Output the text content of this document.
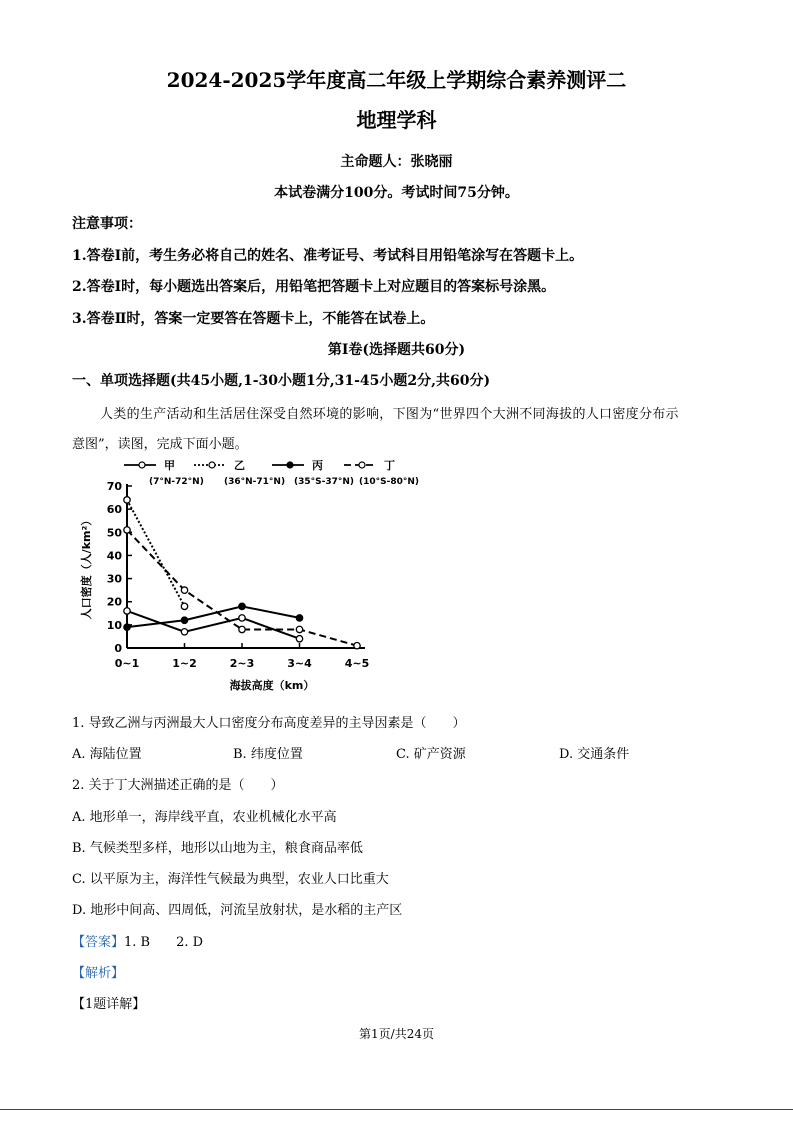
2024-2025学年度高二年级上学期综合素养测评二
地理学科
主命题人：张晓丽
本试卷满分100分。考试时间75分钟。
注意事项：
1.答卷Ⅰ前，考生务必将自己的姓名、准考证号、考试科目用铅笔涂写在答题卡上。
2.答卷Ⅰ时，每小题选出答案后，用铅笔把答题卡上对应题目的答案标号涂黑。
3.答卷Ⅱ时，答案一定要答在答题卡上，不能答在试卷上。
第Ⅰ卷(选择题共60分)
一、单项选择题(共45小题,1-30小题1分,31-45小题2分,共60分)
人类的生产活动和生活居住深受自然环境的影响，下图为“世界四个大洲不同海拔的人口密度分布示
意图”，读图，完成下面小题。
甲
(7°N-72°N)
乙
(36°N-71°N)
丙
(35°S-37°N)
丁
(10°S-80°N)
0
10
20
30
40
50
60
70
0~1	1~2	2~3	3~4	4~5
人口密度（人/km²）
海拔高度（km）
1. 导致乙洲与丙洲最大人口密度分布高度差异的主导因素是（　　）
A. 海陆位置	B. 纬度位置	C. 矿产资源	D. 交通条件
2. 关于丁大洲描述正确的是（　　）
A. 地形单一，海岸线平直，农业机械化水平高
B. 气候类型多样，地形以山地为主，粮食商品率低
C. 以平原为主，海洋性气候最为典型，农业人口比重大
D. 地形中间高、四周低，河流呈放射状，是水稻的主产区
【答案】1. B　　2. D
【解析】
【1题详解】
第1页/共24页
